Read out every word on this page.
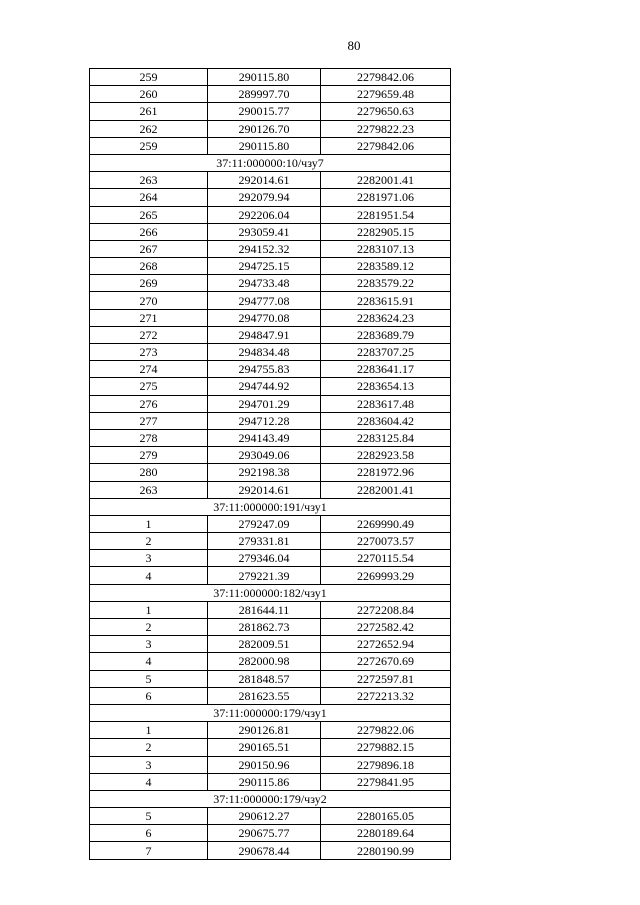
80
259	290115.80	2279842.06
260	289997.70	2279659.48
261	290015.77	2279650.63
262	290126.70	2279822.23
259	290115.80	2279842.06
37:11:000000:10/чзу7		
263	292014.61	2282001.41
264	292079.94	2281971.06
265	292206.04	2281951.54
266	293059.41	2282905.15
267	294152.32	2283107.13
268	294725.15	2283589.12
269	294733.48	2283579.22
270	294777.08	2283615.91
271	294770.08	2283624.23
272	294847.91	2283689.79
273	294834.48	2283707.25
274	294755.83	2283641.17
275	294744.92	2283654.13
276	294701.29	2283617.48
277	294712.28	2283604.42
278	294143.49	2283125.84
279	293049.06	2282923.58
280	292198.38	2281972.96
263	292014.61	2282001.41
37:11:000000:191/чзу1		
1	279247.09	2269990.49
2	279331.81	2270073.57
3	279346.04	2270115.54
4	279221.39	2269993.29
37:11:000000:182/чзу1		
1	281644.11	2272208.84
2	281862.73	2272582.42
3	282009.51	2272652.94
4	282000.98	2272670.69
5	281848.57	2272597.81
6	281623.55	2272213.32
37:11:000000:179/чзу1		
1	290126.81	2279822.06
2	290165.51	2279882.15
3	290150.96	2279896.18
4	290115.86	2279841.95
37:11:000000:179/чзу2		
5	290612.27	2280165.05
6	290675.77	2280189.64
7	290678.44	2280190.99
